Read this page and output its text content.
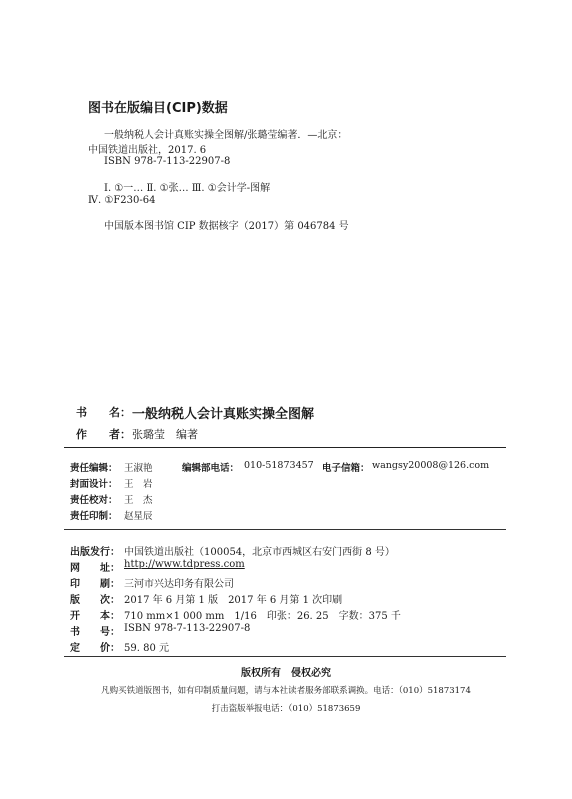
图书在版编目(CIP)数据
一般纳税人会计真账实操全图解/张璐莹编著．—北京：
中国铁道出版社，2017. 6
ISBN 978-7-113-22907-8
Ⅰ. ①一… Ⅱ. ①张… Ⅲ. ①会计学-图解
Ⅳ. ①F230-64
中国版本图书馆 CIP 数据核字（2017）第 046784 号
书　　名： 一般纳税人会计真账实操全图解
作　　者： 张璐莹　编著
责任编辑： 王淑艳	编辑部电话： 010-51873457 电子信箱： wangsy20008@126.com
封面设计： 王　岩
责任校对： 王　杰
责任印制： 赵星辰
出版发行： 中国铁道出版社（100054，北京市西城区右安门西街 8 号）
网　　址： http://www.tdpress.com
印　　刷： 三河市兴达印务有限公司
版　　次： 2017 年 6 月第 1 版　2017 年 6 月第 1 次印刷
开　　本： 710 mm×1 000 mm　1/16　印张：26. 25　字数：375 千
书　　号： ISBN 978-7-113-22907-8
定　　价： 59. 80 元
版权所有　侵权必究
凡购买铁道版图书，如有印制质量问题，请与本社读者服务部联系调换。电话：（010）51873174
打击盗版举报电话：（010）51873659
